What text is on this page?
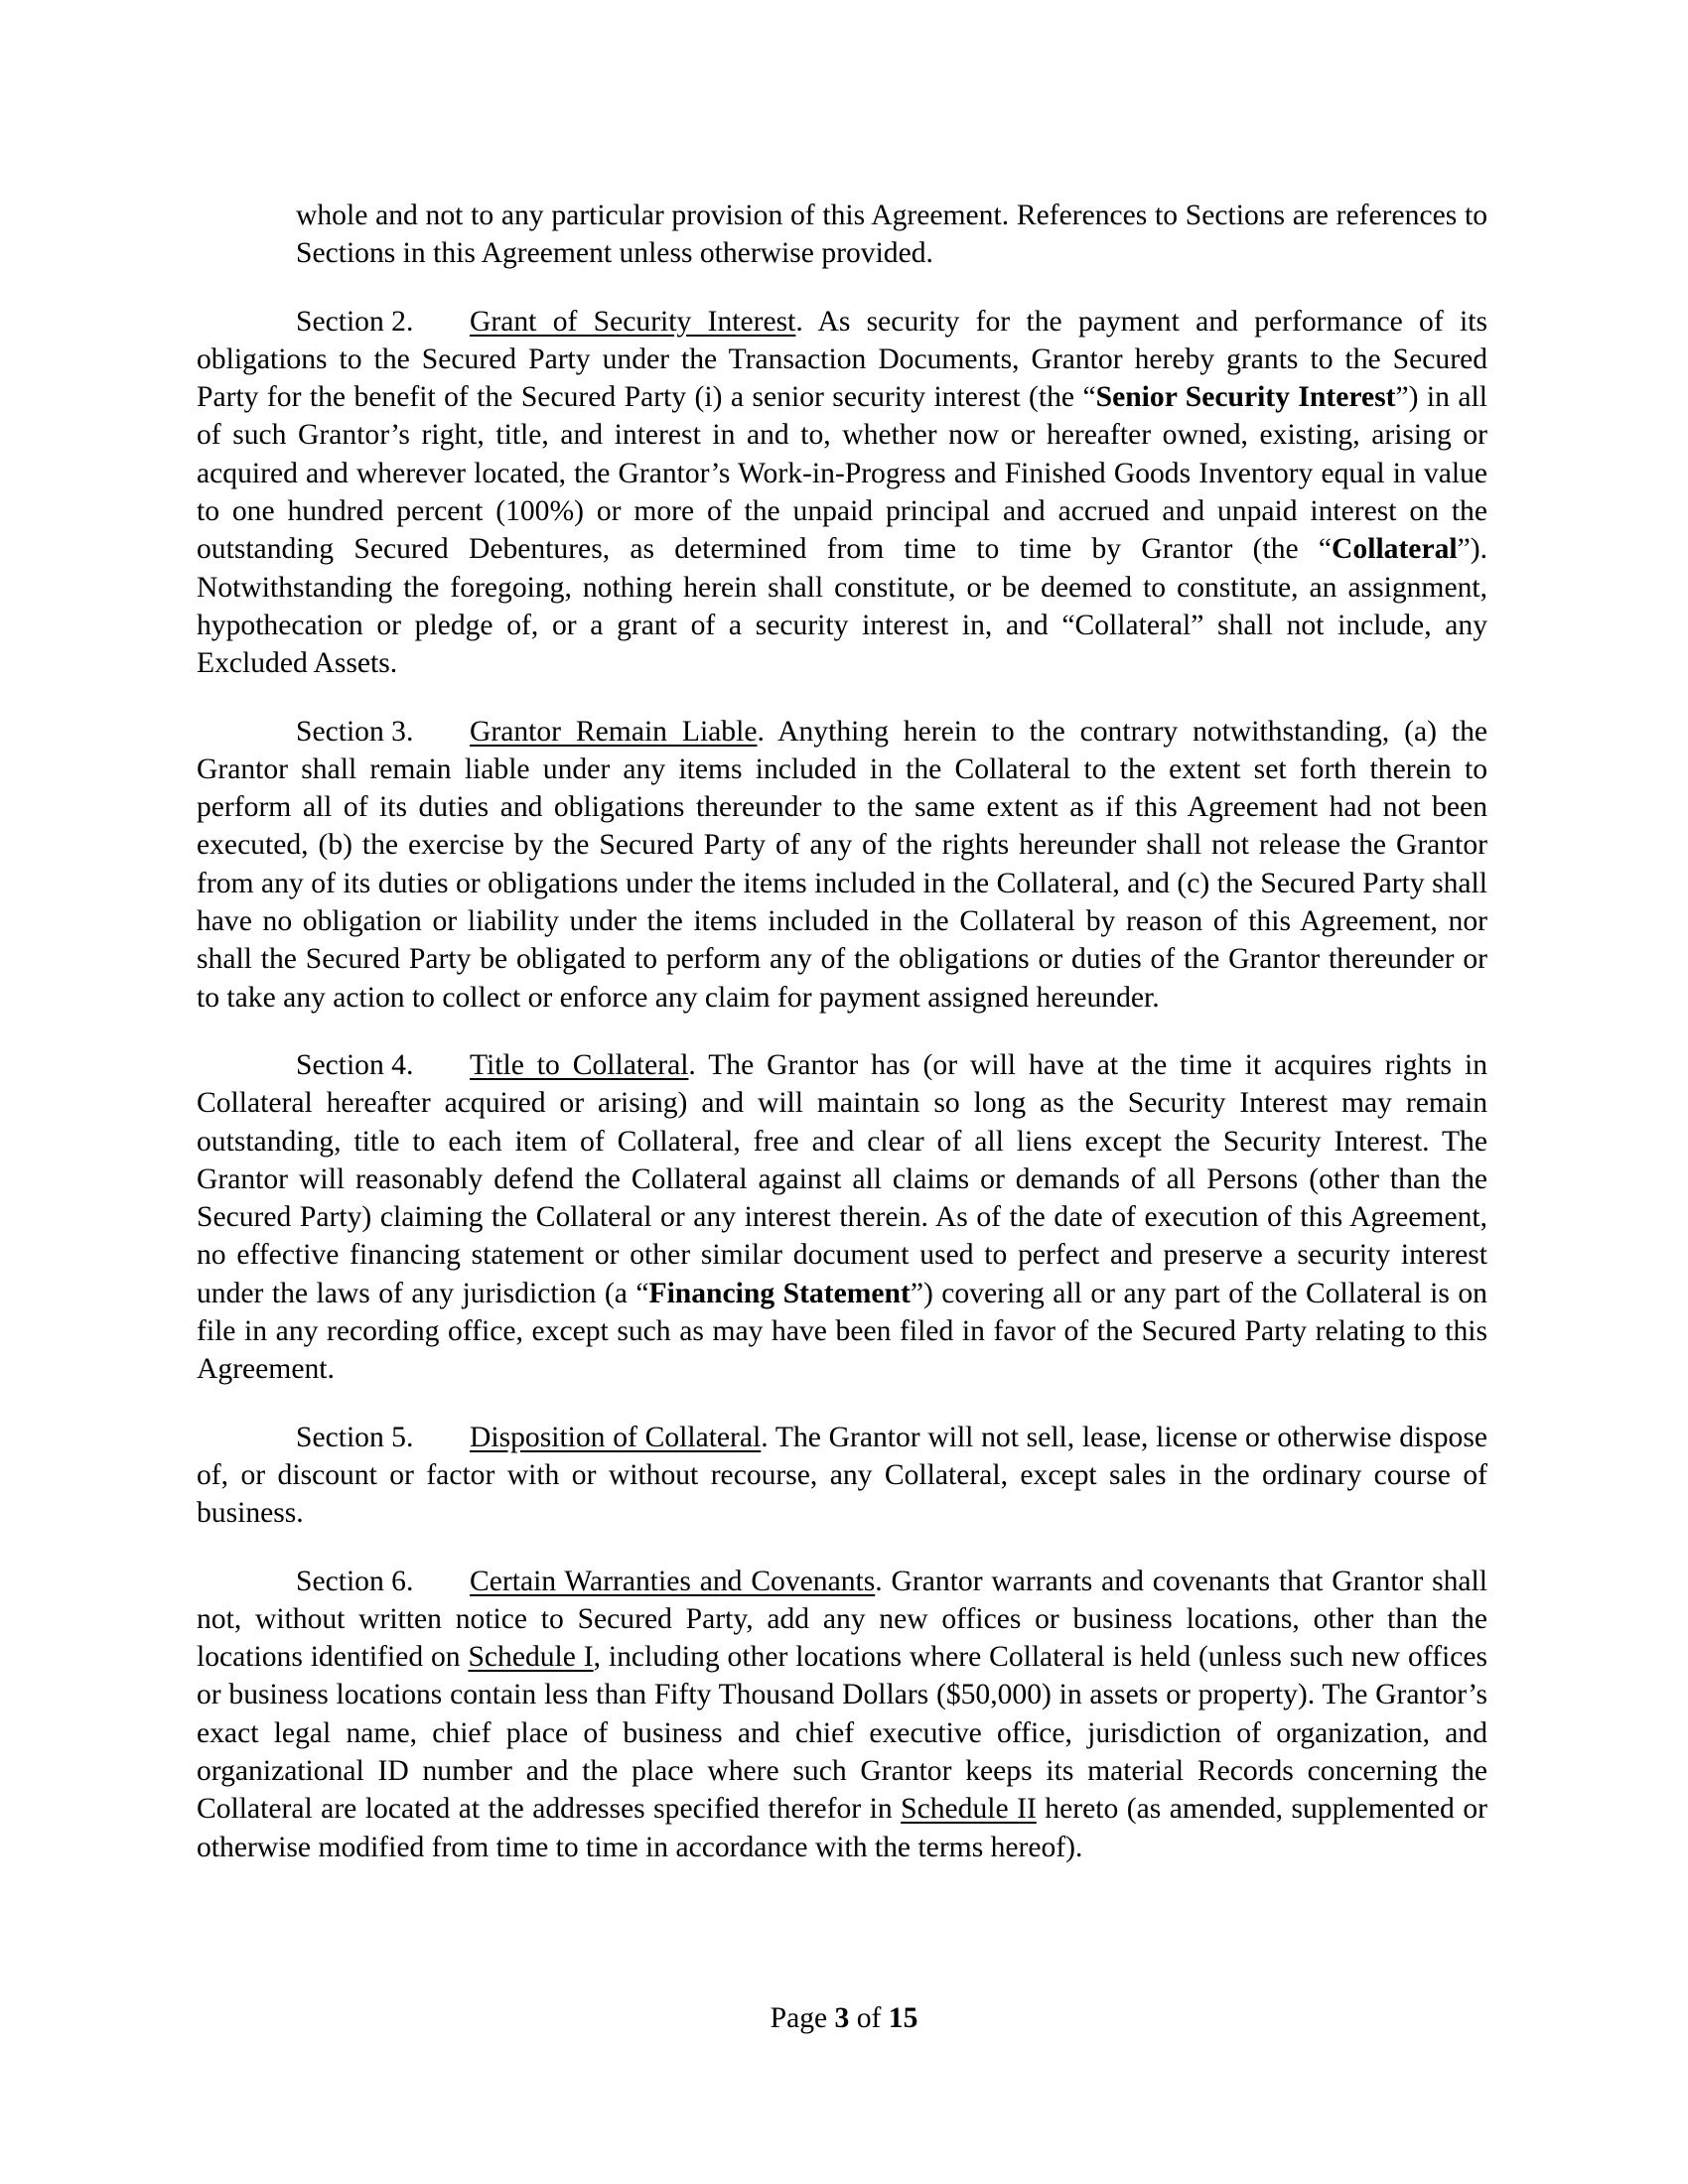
whole and not to any particular provision of this Agreement. References to Sections are references to Sections in this Agreement unless otherwise provided.

Section 2. Grant of Security Interest. As security for the payment and performance of its obligations to the Secured Party under the Transaction Documents, Grantor hereby grants to the Secured Party for the benefit of the Secured Party (i) a senior security interest (the “Senior Security Interest”) in all of such Grantor’s right, title, and interest in and to, whether now or hereafter owned, existing, arising or acquired and wherever located, the Grantor’s Work-in-Progress and Finished Goods Inventory equal in value to one hundred percent (100%) or more of the unpaid principal and accrued and unpaid interest on the outstanding Secured Debentures, as determined from time to time by Grantor (the “Collateral”). Notwithstanding the foregoing, nothing herein shall constitute, or be deemed to constitute, an assignment, hypothecation or pledge of, or a grant of a security interest in, and “Collateral” shall not include, any Excluded Assets.

Section 3. Grantor Remain Liable. Anything herein to the contrary notwithstanding, (a) the Grantor shall remain liable under any items included in the Collateral to the extent set forth therein to perform all of its duties and obligations thereunder to the same extent as if this Agreement had not been executed, (b) the exercise by the Secured Party of any of the rights hereunder shall not release the Grantor from any of its duties or obligations under the items included in the Collateral, and (c) the Secured Party shall have no obligation or liability under the items included in the Collateral by reason of this Agreement, nor shall the Secured Party be obligated to perform any of the obligations or duties of the Grantor thereunder or to take any action to collect or enforce any claim for payment assigned hereunder.

Section 4. Title to Collateral. The Grantor has (or will have at the time it acquires rights in Collateral hereafter acquired or arising) and will maintain so long as the Security Interest may remain outstanding, title to each item of Collateral, free and clear of all liens except the Security Interest. The Grantor will reasonably defend the Collateral against all claims or demands of all Persons (other than the Secured Party) claiming the Collateral or any interest therein. As of the date of execution of this Agreement, no effective financing statement or other similar document used to perfect and preserve a security interest under the laws of any jurisdiction (a “Financing Statement”) covering all or any part of the Collateral is on file in any recording office, except such as may have been filed in favor of the Secured Party relating to this Agreement.

Section 5. Disposition of Collateral. The Grantor will not sell, lease, license or otherwise dispose of, or discount or factor with or without recourse, any Collateral, except sales in the ordinary course of business.

Section 6. Certain Warranties and Covenants. Grantor warrants and covenants that Grantor shall not, without written notice to Secured Party, add any new offices or business locations, other than the locations identified on Schedule I, including other locations where Collateral is held (unless such new offices or business locations contain less than Fifty Thousand Dollars ($50,000) in assets or property). The Grantor’s exact legal name, chief place of business and chief executive office, jurisdiction of organization, and organizational ID number and the place where such Grantor keeps its material Records concerning the Collateral are located at the addresses specified therefor in Schedule II hereto (as amended, supplemented or otherwise modified from time to time in accordance with the terms hereof).

Page 3 of 15
